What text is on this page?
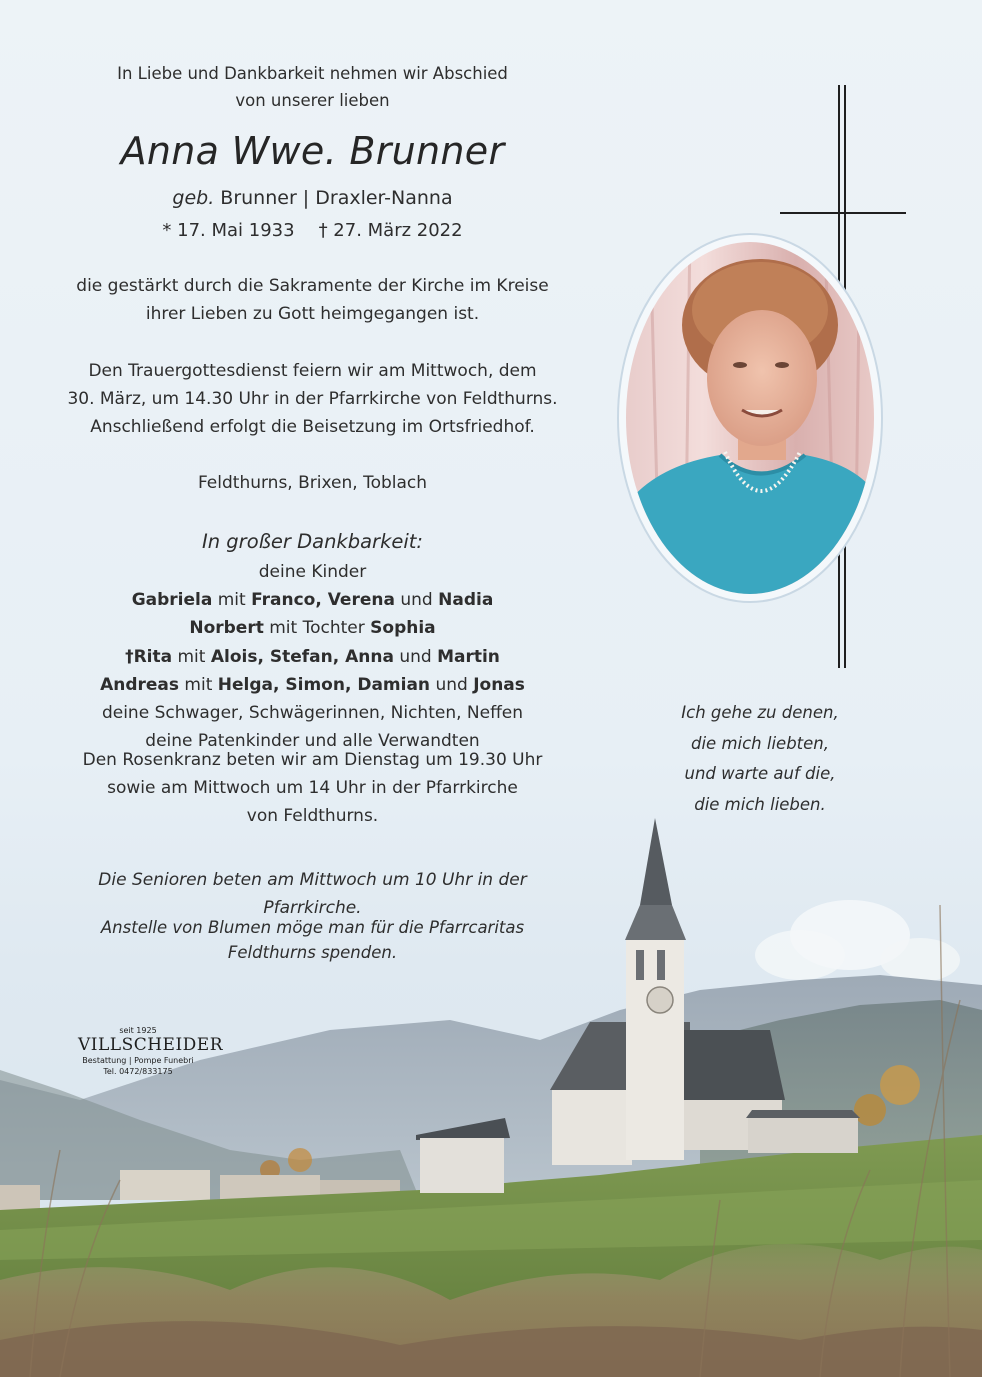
In Liebe und Dankbarkeit nehmen wir Abschied
von unserer lieben
Anna Wwe. Brunner
geb. Brunner | Draxler-Nanna
* 17. Mai 1933 † 27. März 2022
die gestärkt durch die Sakramente der Kirche im Kreise
ihrer Lieben zu Gott heimgegangen ist.
Den Trauergottesdienst feiern wir am Mittwoch, dem
30. März, um 14.30 Uhr in der Pfarrkirche von Feldthurns.
Anschließend erfolgt die Beisetzung im Ortsfriedhof.
Feldthurns, Brixen, Toblach
In großer Dankbarkeit:
deine Kinder
Gabriela mit Franco, Verena und Nadia
Norbert mit Tochter Sophia
†Rita mit Alois, Stefan, Anna und Martin
Andreas mit Helga, Simon, Damian und Jonas
deine Schwager, Schwägerinnen, Nichten, Neffen
deine Patenkinder und alle Verwandten
Den Rosenkranz beten wir am Dienstag um 19.30 Uhr
sowie am Mittwoch um 14 Uhr in der Pfarrkirche
von Feldthurns.
Die Senioren beten am Mittwoch um 10 Uhr in der Pfarrkirche.
Anstelle von Blumen möge man für die Pfarrcaritas
Feldthurns spenden.
Ich gehe zu denen,
die mich liebten,
und warte auf die,
die mich lieben.
seit 1925
VILLSCHEIDER
Bestattung | Pompe Funebri
Tel. 0472/833175
